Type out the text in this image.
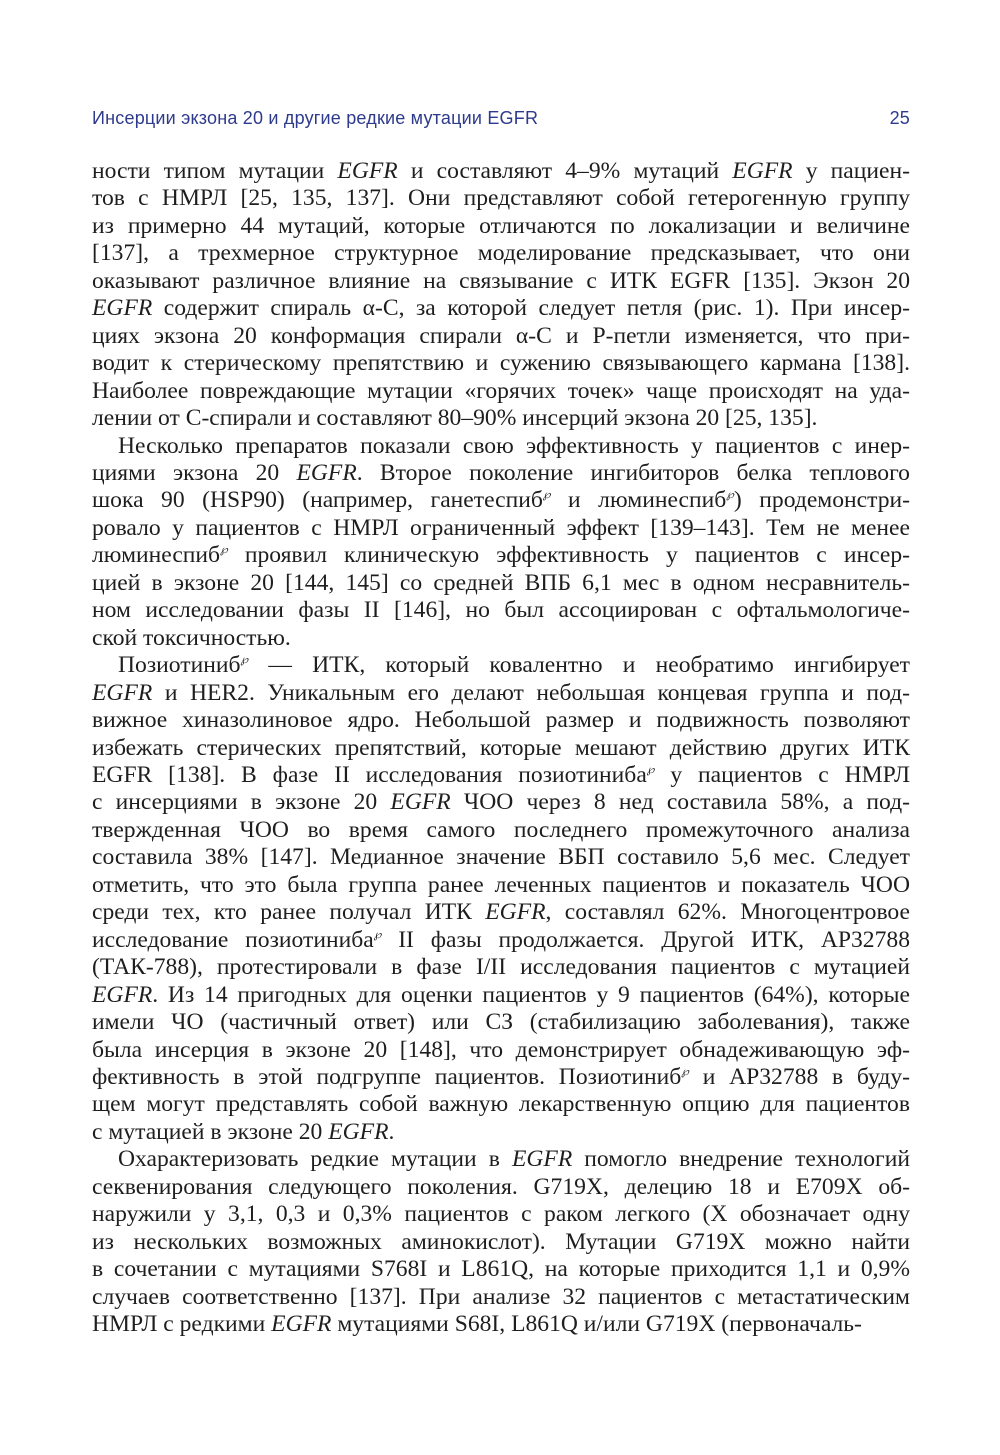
Инсерции экзона 20 и другие редкие мутации EGFR	25

ности типом мутации EGFR и составляют 4–9% мутаций EGFR у пациен-
тов с НМРЛ [25, 135, 137]. Они представляют собой гетерогенную группу
из примерно 44 мутаций, которые отличаются по локализации и величине
[137], а трехмерное структурное моделирование предсказывает, что они
оказывают различное влияние на связывание с ИТК EGFR [135]. Экзон 20
EGFR содержит спираль α-С, за которой следует петля (рис. 1). При инсер-
циях экзона 20 конформация спирали α-С и Р-петли изменяется, что при-
водит к стерическому препятствию и сужению связывающего кармана [138].
Наиболее повреждающие мутации «горячих точек» чаще происходят на уда-
лении от С-спирали и составляют 80–90% инсерций экзона 20 [25, 135].

Несколько препаратов показали свою эффективность у пациентов с инер-
циями экзона 20 EGFR. Второе поколение ингибиторов белка теплового
шока 90 (HSP90) (например, ганетеспиб℘ и люминеспиб℘) продемонстри-
ровало у пациентов с НМРЛ ограниченный эффект [139–143]. Тем не менее
люминеспиб℘ проявил клиническую эффективность у пациентов с инсер-
цией в экзоне 20 [144, 145] со средней ВПБ 6,1 мес в одном несравнитель-
ном исследовании фазы II [146], но был ассоциирован с офтальмологиче-
ской токсичностью.

Позиотиниб℘ — ИТК, который ковалентно и необратимо ингибирует
EGFR и HER2. Уникальным его делают небольшая концевая группа и под-
вижное хиназолиновое ядро. Небольшой размер и подвижность позволяют
избежать стерических препятствий, которые мешают действию других ИТК
EGFR [138]. В фазе II исследования позиотиниба℘ у пациентов с НМРЛ
с инсерциями в экзоне 20 EGFR ЧОО через 8 нед составила 58%, а под-
твержденная ЧОО во время самого последнего промежуточного анализа
составила 38% [147]. Медианное значение ВБП составило 5,6 мес. Следует
отметить, что это была группа ранее леченных пациентов и показатель ЧОО
среди тех, кто ранее получал ИТК EGFR, составлял 62%. Многоцентровое
исследование позиотиниба℘ II фазы продолжается. Другой ИТК, АР32788
(ТАК-788), протестировали в фазе I/II исследования пациентов с мутацией
EGFR. Из 14 пригодных для оценки пациентов у 9 пациентов (64%), которые
имели ЧО (частичный ответ) или СЗ (стабилизацию заболевания), также
была инсерция в экзоне 20 [148], что демонстрирует обнадеживающую эф-
фективность в этой подгруппе пациентов. Позиотиниб℘ и АР32788 в буду-
щем могут представлять собой важную лекарственную опцию для пациентов
с мутацией в экзоне 20 EGFR.

Охарактеризовать редкие мутации в EGFR помогло внедрение технологий
секвенирования следующего поколения. G719X, делецию 18 и E709X об-
наружили у 3,1, 0,3 и 0,3% пациентов с раком легкого (Х обозначает одну
из нескольких возможных аминокислот). Мутации G719X можно найти
в сочетании с мутациями S768I и L861Q, на которые приходится 1,1 и 0,9%
случаев соответственно [137]. При анализе 32 пациентов с метастатическим
НМРЛ с редкими EGFR мутациями S68I, L861Q и/или G719X (первоначаль-
